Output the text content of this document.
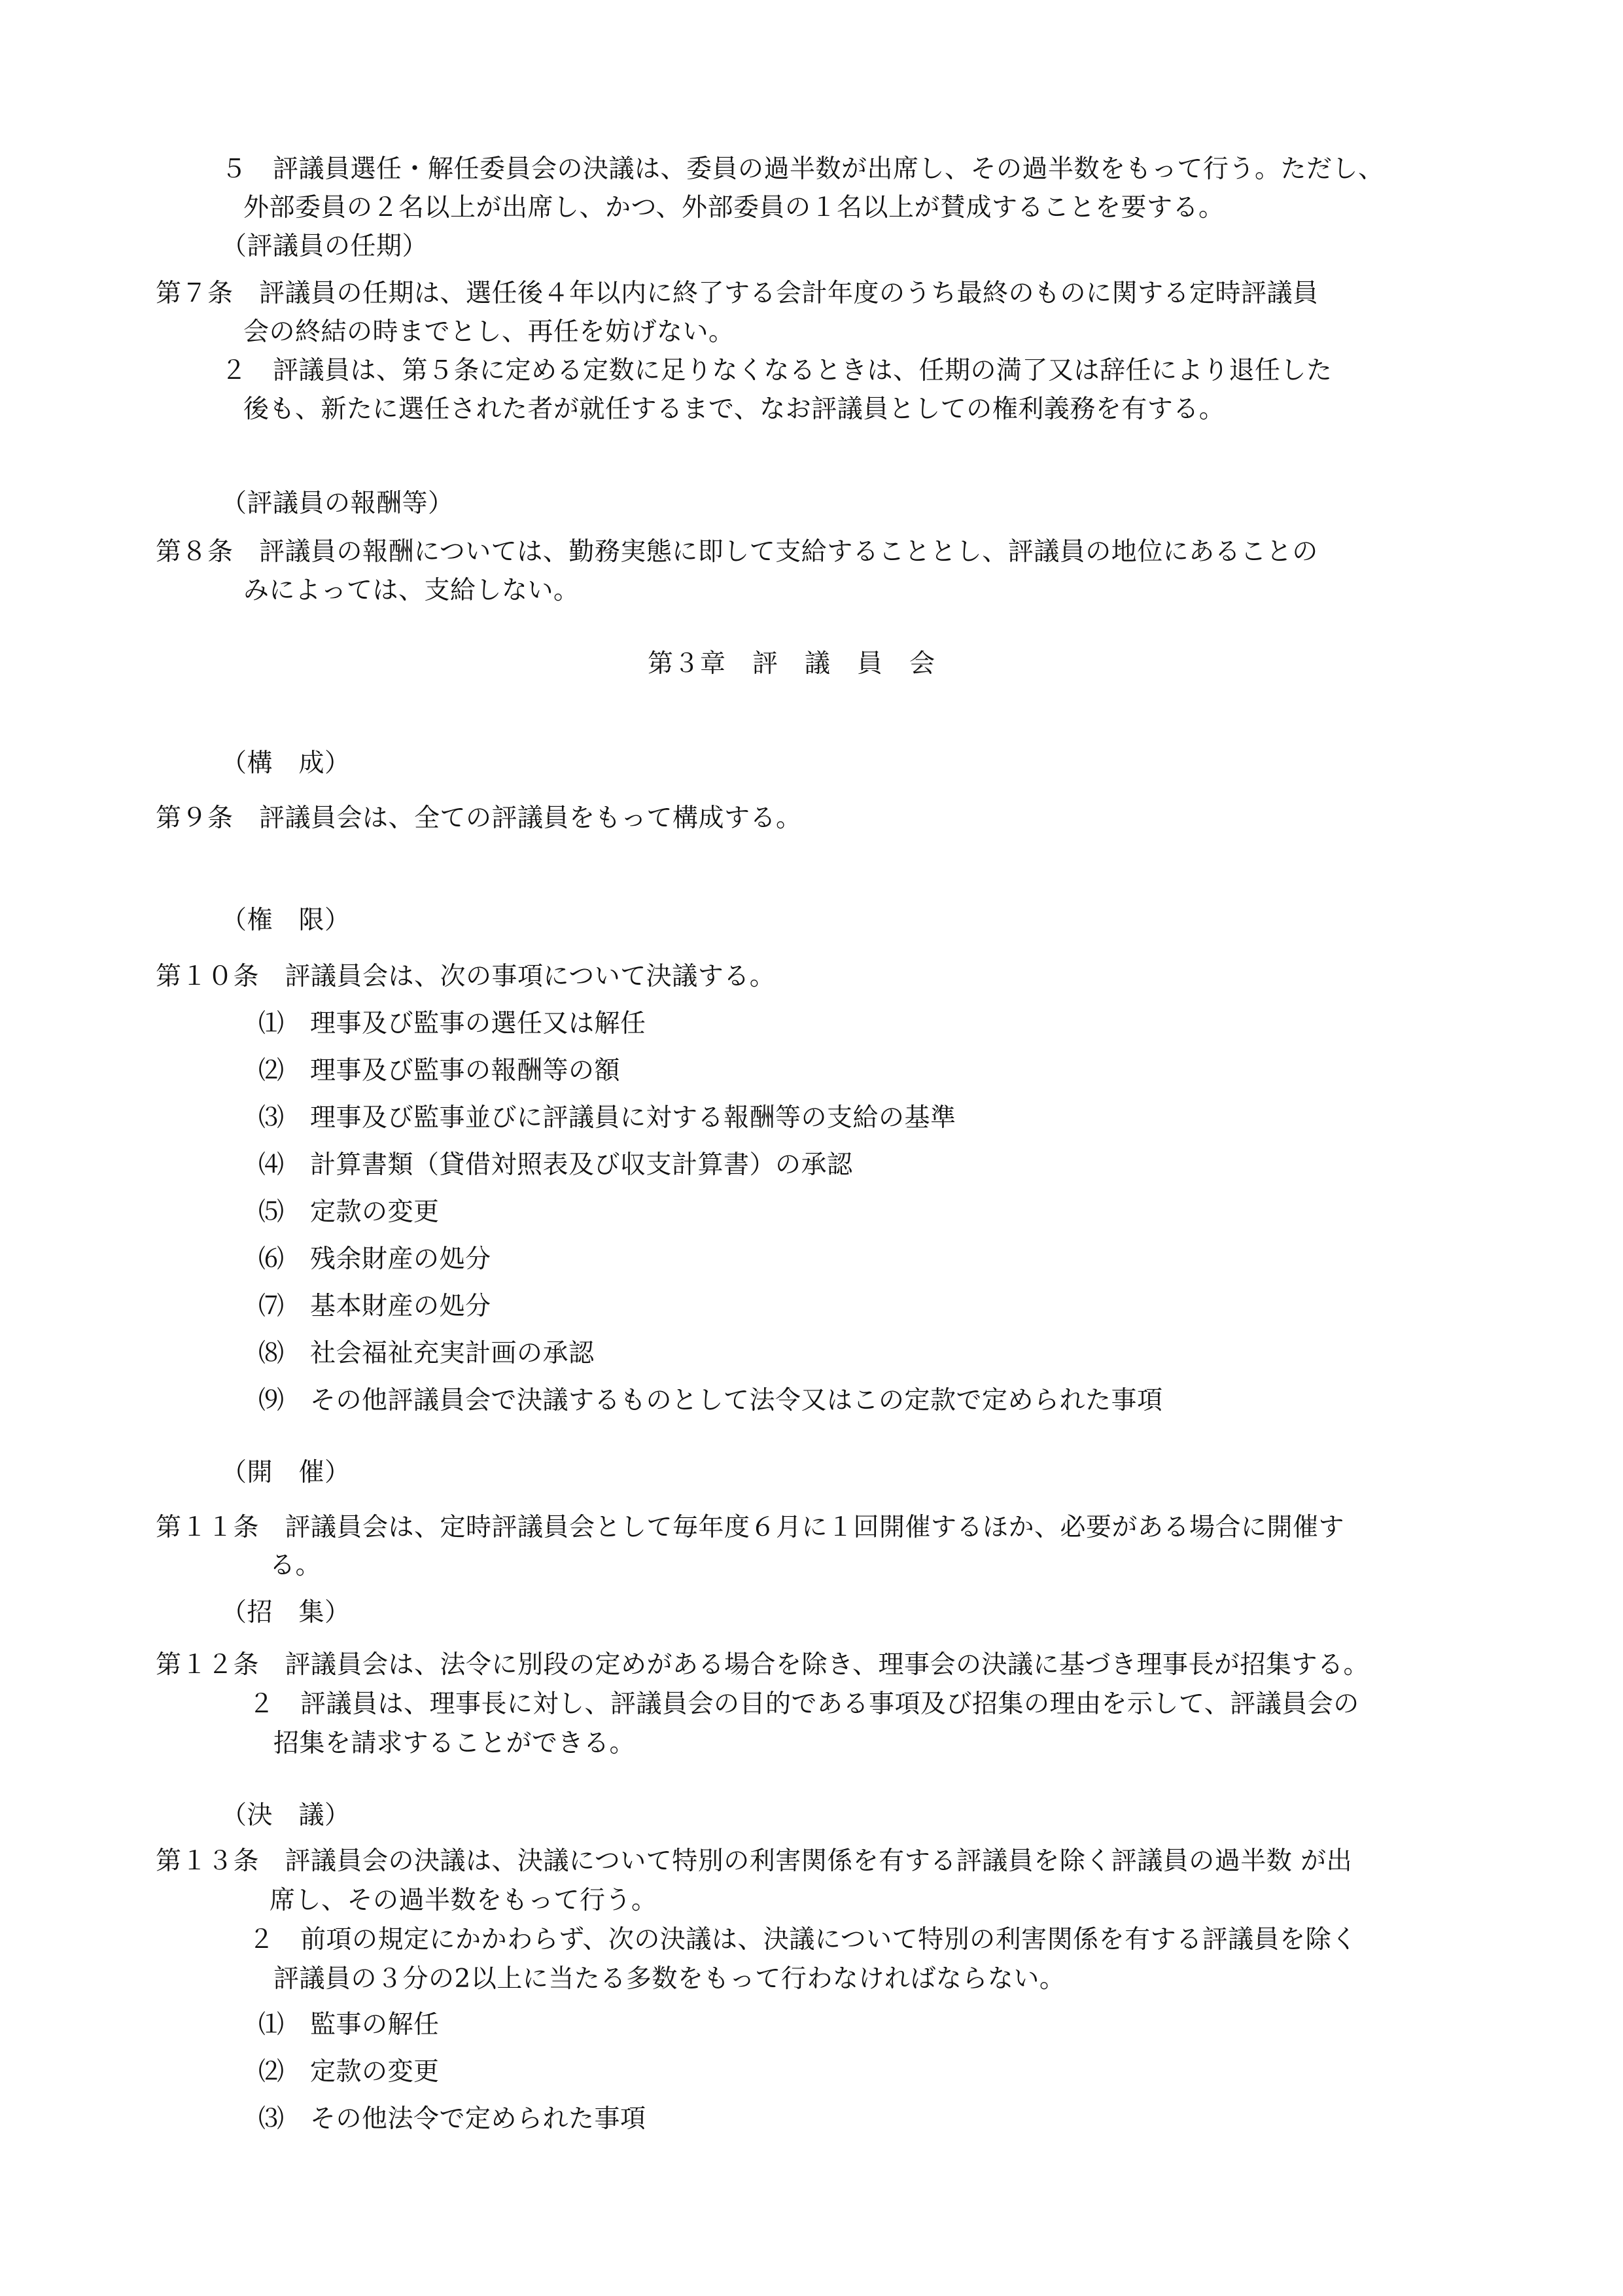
５　評議員選任・解任委員会の決議は、委員の過半数が出席し、その過半数をもって行う。ただし、
外部委員の２名以上が出席し、かつ、外部委員の１名以上が賛成することを要する。
（評議員の任期）
第７条　評議員の任期は、選任後４年以内に終了する会計年度のうち最終のものに関する定時評議員
会の終結の時までとし、再任を妨げない。
２　評議員は、第５条に定める定数に足りなくなるときは、任期の満了又は辞任により退任した
後も、新たに選任された者が就任するまで、なお評議員としての権利義務を有する。
（評議員の報酬等）
第８条　評議員の報酬については、勤務実態に即して支給することとし、評議員の地位にあることの
みによっては、支給しない。
第３章　評　議　員　会
（構　成）
第９条　評議員会は、全ての評議員をもって構成する。
（権　限）
第１０条　評議員会は、次の事項について決議する。
⑴　理事及び監事の選任又は解任
⑵　理事及び監事の報酬等の額
⑶　理事及び監事並びに評議員に対する報酬等の支給の基準
⑷　計算書類（貸借対照表及び収支計算書）の承認
⑸　定款の変更
⑹　残余財産の処分
⑺　基本財産の処分
⑻　社会福祉充実計画の承認
⑼　その他評議員会で決議するものとして法令又はこの定款で定められた事項
（開　催）
第１１条　評議員会は、定時評議員会として毎年度６月に１回開催するほか、必要がある場合に開催す
る。
（招　集）
第１２条　評議員会は、法令に別段の定めがある場合を除き、理事会の決議に基づき理事長が招集する。
２　評議員は、理事長に対し、評議員会の目的である事項及び招集の理由を示して、評議員会の
招集を請求することができる。
（決　議）
第１３条　評議員会の決議は、決議について特別の利害関係を有する評議員を除く評議員の過半数 が出
席し、その過半数をもって行う。
２　前項の規定にかかわらず、次の決議は、決議について特別の利害関係を有する評議員を除く
評議員の３分の2以上に当たる多数をもって行わなければならない。
⑴　監事の解任
⑵　定款の変更
⑶　その他法令で定められた事項
